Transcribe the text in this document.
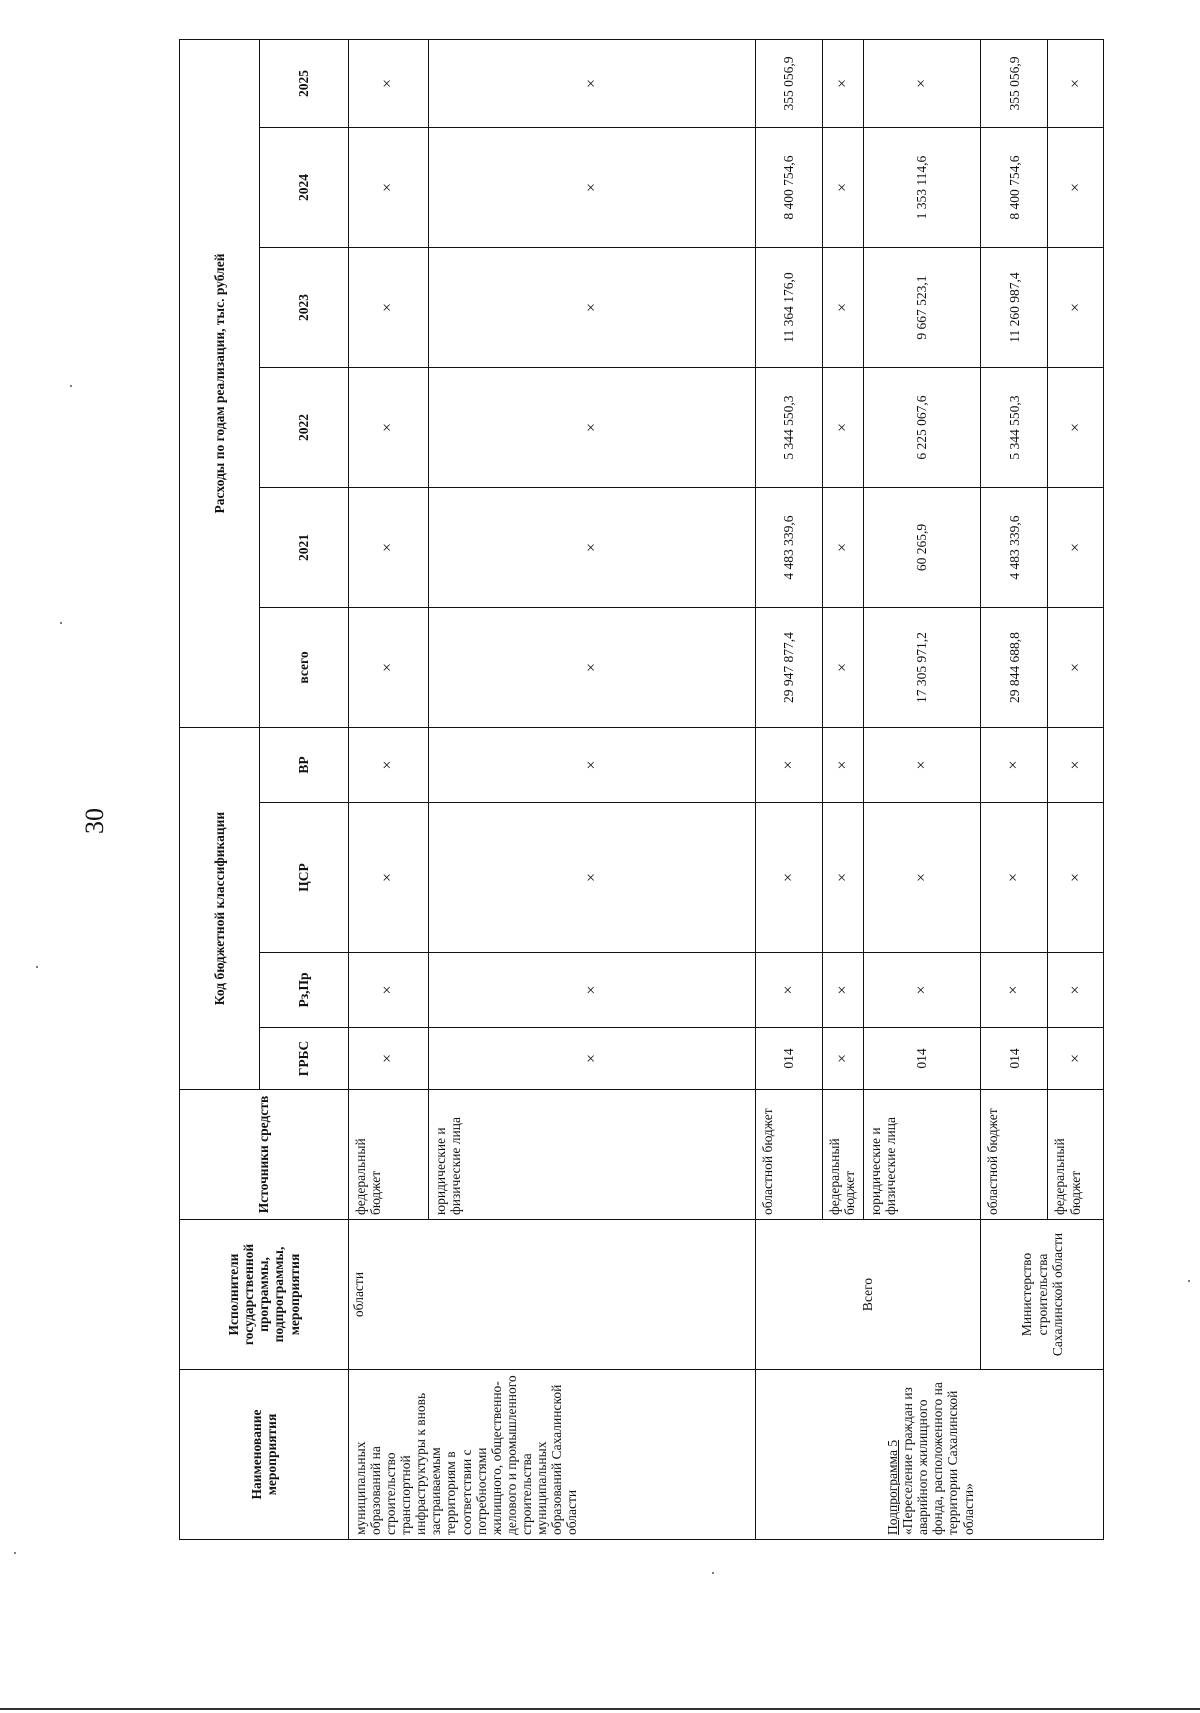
30
Наименование мероприятия	Исполнители государственной программы, подпрограммы, мероприятия	Источники средств	Код бюджетной классификации				Расходы по годам реализации, тыс. рублей					
			ГРБС	Рз,Пр	ЦСР	ВР	всего	2021	2022	2023	2024	2025
муниципальных образований на строительство транспортной инфраструктуры к вновь застраиваемым территориям в соответствии с потребностями жилищного, общественно-делового и промышленного строительства муниципальных образований Сахалинской области	области	федеральный бюджет	×	×	×	×	×	×	×	×	×	×
		юридические и физические лица	×	×	×	×	×	×	×	×	×	×
Подпрограмма 5
«Переселение граждан из аварийного жилищного фонда, расположенного на территории Сахалинской области»	Всего	областной бюджет	014	×	×	×	29 947 877,4	4 483 339,6	5 344 550,3	11 364 176,0	8 400 754,6	355 056,9
		федеральный бюджет	×	×	×	×	×	×	×	×	×	×
		юридические и физические лица	014	×	×	×	17 305 971,2	60 265,9	6 225 067,6	9 667 523,1	1 353 114,6	×
	Министерство строительства Сахалинской области	областной бюджет	014	×	×	×	29 844 688,8	4 483 339,6	5 344 550,3	11 260 987,4	8 400 754,6	355 056,9
		федеральный бюджет	×	×	×	×	×	×	×	×	×	×
